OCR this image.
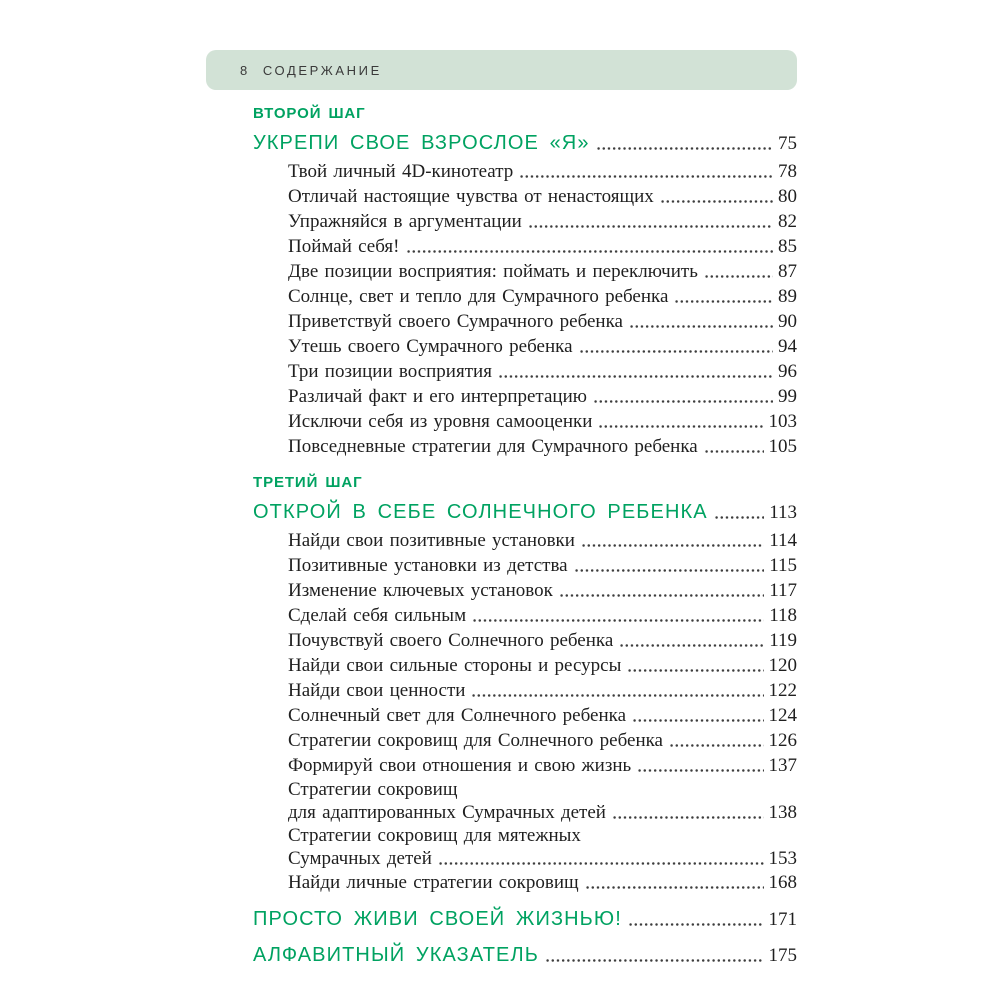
8 СОДЕРЖАНИЕ
ВТОРОЙ ШАГ
УКРЕПИ СВОЕ ВЗРОСЛОЕ «Я»	75
Твой личный 4D-кинотеатр	78
Отличай настоящие чувства от ненастоящих	80
Упражняйся в аргументации	82
Поймай себя!	85
Две позиции восприятия: поймать и переключить	87
Солнце, свет и тепло для Сумрачного ребенка	89
Приветствуй своего Сумрачного ребенка	90
Утешь своего Сумрачного ребенка	94
Три позиции восприятия	96
Различай факт и его интерпретацию	99
Исключи себя из уровня самооценки	103
Повседневные стратегии для Сумрачного ребенка	105
ТРЕТИЙ ШАГ
ОТКРОЙ В СЕБЕ СОЛНЕЧНОГО РЕБЕНКА	113
Найди свои позитивные установки	114
Позитивные установки из детства	115
Изменение ключевых установок	117
Сделай себя сильным	118
Почувствуй своего Солнечного ребенка	119
Найди свои сильные стороны и ресурсы	120
Найди свои ценности	122
Солнечный свет для Солнечного ребенка	124
Стратегии сокровищ для Солнечного ребенка	126
Формируй свои отношения и свою жизнь	137
Стратегии сокровищ
для адаптированных Сумрачных детей	138
Стратегии сокровищ для мятежных
Сумрачных детей	153
Найди личные стратегии сокровищ	168
ПРОСТО ЖИВИ СВОЕЙ ЖИЗНЬЮ!	171
АЛФАВИТНЫЙ УКАЗАТЕЛЬ	175
